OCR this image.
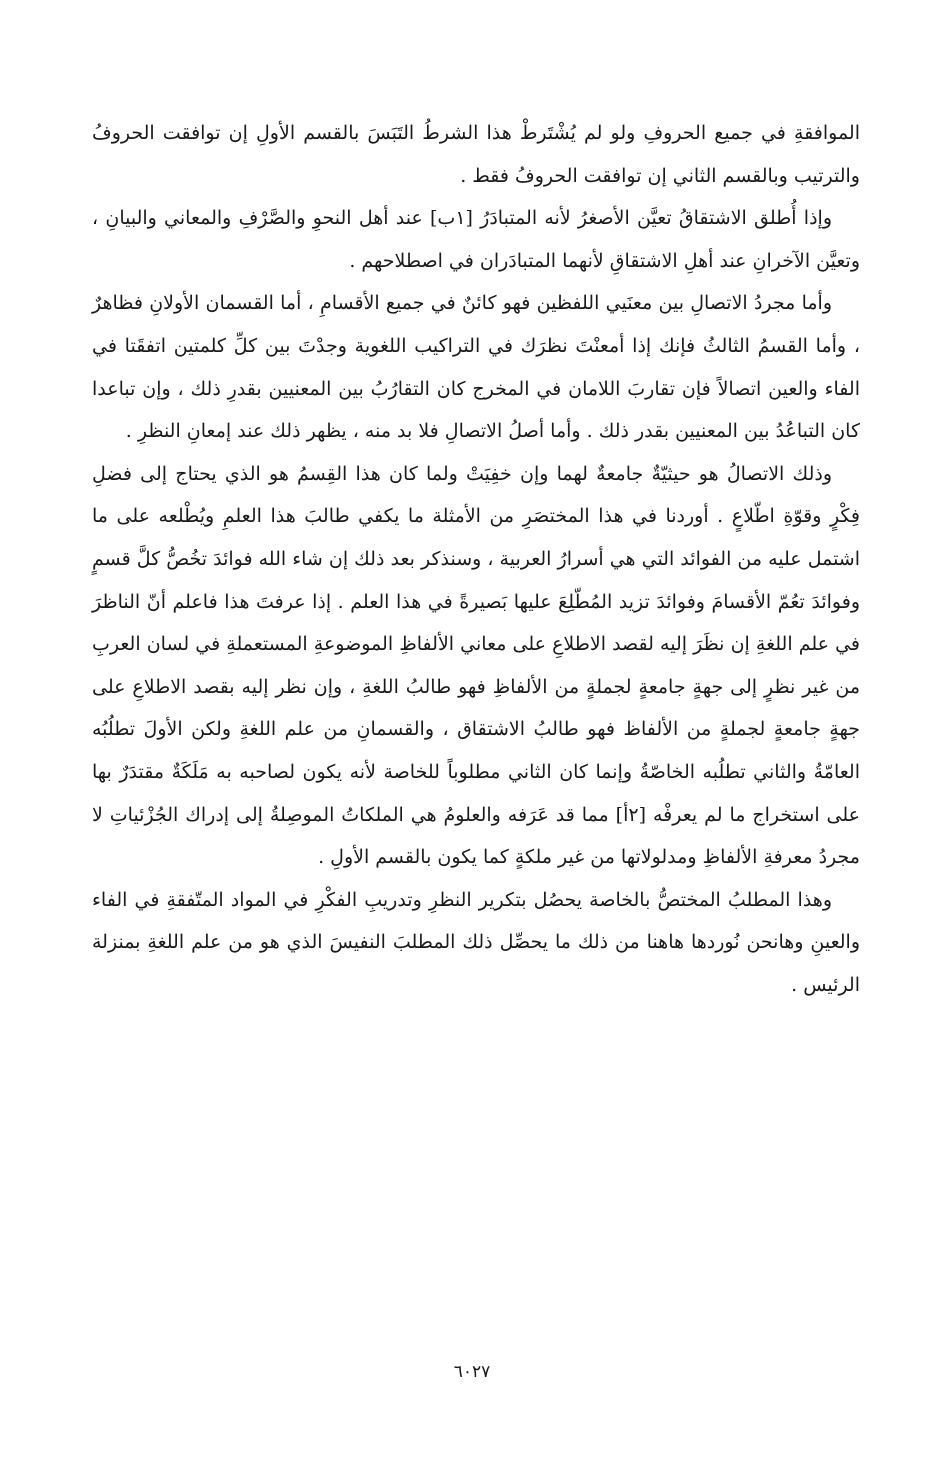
الموافقةِ في جميع الحروفِ ولو لم يُشْتَرطْ هذا الشرطُ التَبَسَ بالقسم الأولِ إن توافقت الحروفُ والترتيب وبالقسم الثاني إن توافقت الحروفُ فقط .

وإذا أُطلق الاشتقاقُ تعيَّن الأصغرُ لأنه المتبادَرُ [١ب] عند أهل النحوِ والصَّرْفِ والمعاني والبيانِ ، وتعيَّن الآخرانِ عند أهلِ الاشتقاقِ لأنهما المتبادَران في اصطلاحهم .

وأما مجردُ الاتصالِ بين معنَيي اللفظين فهو كائنٌ في جميع الأقسامِ ، أما القسمان الأولانِ فظاهرٌ ، وأما القسمُ الثالثُ فإنك إذا أمعنْتَ نظرَك في التراكيب اللغوية وجدْتَ بين كلِّ كلمتين اتفقَتا في الفاء والعين اتصالاً فإن تقاربَ اللامان في المخرج كان التقارُبُ بين المعنيين بقدرِ ذلك ، وإن تباعدا كان التباعُدُ بين المعنيين بقدر ذلك . وأما أصلُ الاتصالِ فلا بد منه ، يظهر ذلك عند إمعانِ النظرِ .

وذلك الاتصالُ هو حيثيّةٌ جامعةٌ لهما وإن خفِيَتْ ولما كان هذا القِسمُ هو الذي يحتاج إلى فضلِ فِكْرٍ وقوّةِ اطّلاعٍ . أوردنا في هذا المختصَرِ من الأمثلة ما يكفي طالبَ هذا العلمِ ويُطْلعه على ما اشتمل عليه من الفوائد التي هي أسرارُ العربية ، وسنذكر بعد ذلك إن شاء الله فوائدَ تخُصُّ كلَّ قسمٍ وفوائدَ تعُمّ الأقسامَ وفوائدَ تزيد المُطّلِعَ عليها بَصيرةً في هذا العلم . إذا عرفتَ هذا فاعلم أنّ الناظرَ في علم اللغةِ إن نظَرَ إليه لقصد الاطلاعِ على معاني الألفاظِ الموضوعةِ المستعملةِ في لسان العربِ من غير نظرٍ إلى جهةٍ جامعةٍ لجملةٍ من الألفاظِ فهو طالبُ اللغةِ ، وإن نظر إليه بقصد الاطلاعِ على جهةٍ جامعةٍ لجملةٍ من الألفاظ فهو طالبُ الاشتقاق ، والقسمانِ من علم اللغةِ ولكن الأولَ تطلُبُه العامّةُ والثاني تطلُبه الخاصّةُ وإنما كان الثاني مطلوباً للخاصة لأنه يكون لصاحبه به مَلَكَةٌ مقتدَرٌ بها على استخراج ما لم يعرفْه [٢أ] مما قد عَرَفه والعلومُ هي الملكاتُ الموصِلةُ إلى إدراك الجُزْئياتِ لا مجردُ معرفةِ الألفاظِ ومدلولاتها من غير ملكةٍ كما يكون بالقسم الأولِ .

وهذا المطلبُ المختصُّ بالخاصة يحصُل بتكرير النظرِ وتدريبِ الفكْرِ في المواد المتّفقةِ في الفاء والعينِ وهانحن نُوردها هاهنا من ذلك ما يحصِّل ذلك المطلبَ النفيسَ الذي هو من علم اللغةِ بمنزلة الرئيس .

٦٠٢٧
